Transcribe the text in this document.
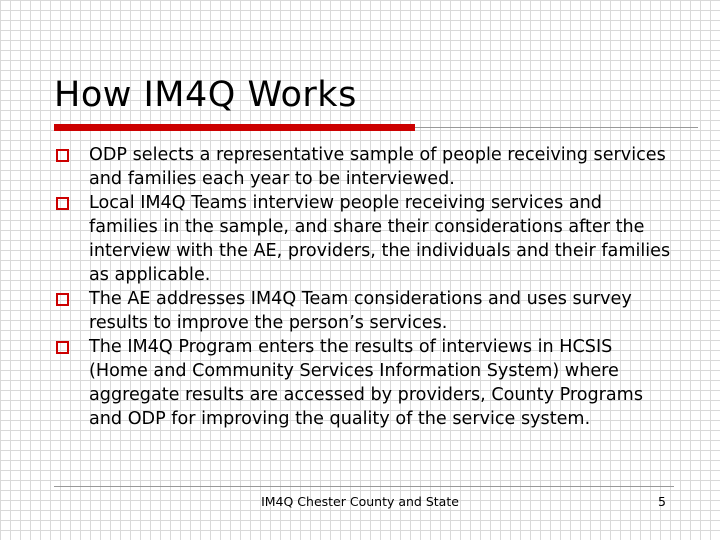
How IM4Q Works
ODP selects a representative sample of people receiving services and families each year to be interviewed.
Local IM4Q Teams interview people receiving services and families in the sample, and share their considerations after the interview with the AE, providers, the individuals and their families as applicable.
The AE addresses IM4Q Team considerations and uses survey results to improve the person’s services.
The IM4Q Program enters the results of interviews in HCSIS (Home and Community Services Information System) where aggregate results are accessed by providers, County Programs and ODP for improving the quality of the service system.
IM4Q Chester County and State	5
